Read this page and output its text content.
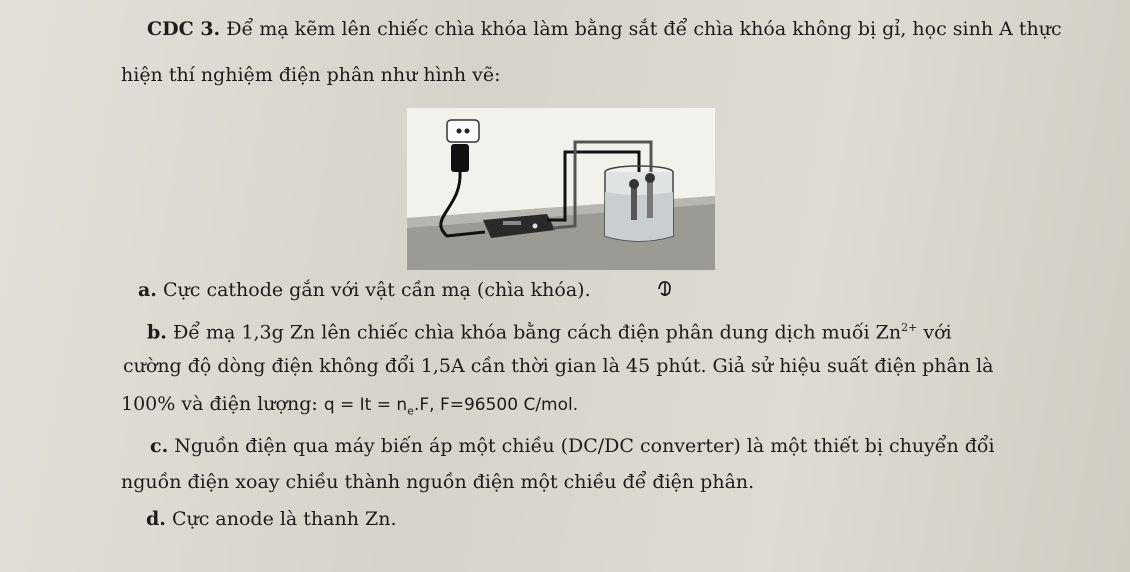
CDC 3. Để mạ kẽm lên chiếc chìa khóa làm bằng sắt để chìa khóa không bị gỉ, học sinh A thực
hiện thí nghiệm điện phân như hình vẽ:
a. Cực cathode gắn với vật cần mạ (chìa khóa).
b. Để mạ 1,3g Zn lên chiếc chìa khóa bằng cách điện phân dung dịch muối $Zn^{2+}$ với
cường độ dòng điện không đổi 1,5A cần thời gian là 45 phút. Giả sử hiệu suất điện phân là
100% và điện lượng: $q = It = n_e.F$, F=96500 C/mol.
c. Nguồn điện qua máy biến áp một chiều (DC/DC converter) là một thiết bị chuyển đổi
nguồn điện xoay chiều thành nguồn điện một chiều để điện phân.
d. Cực anode là thanh Zn.
